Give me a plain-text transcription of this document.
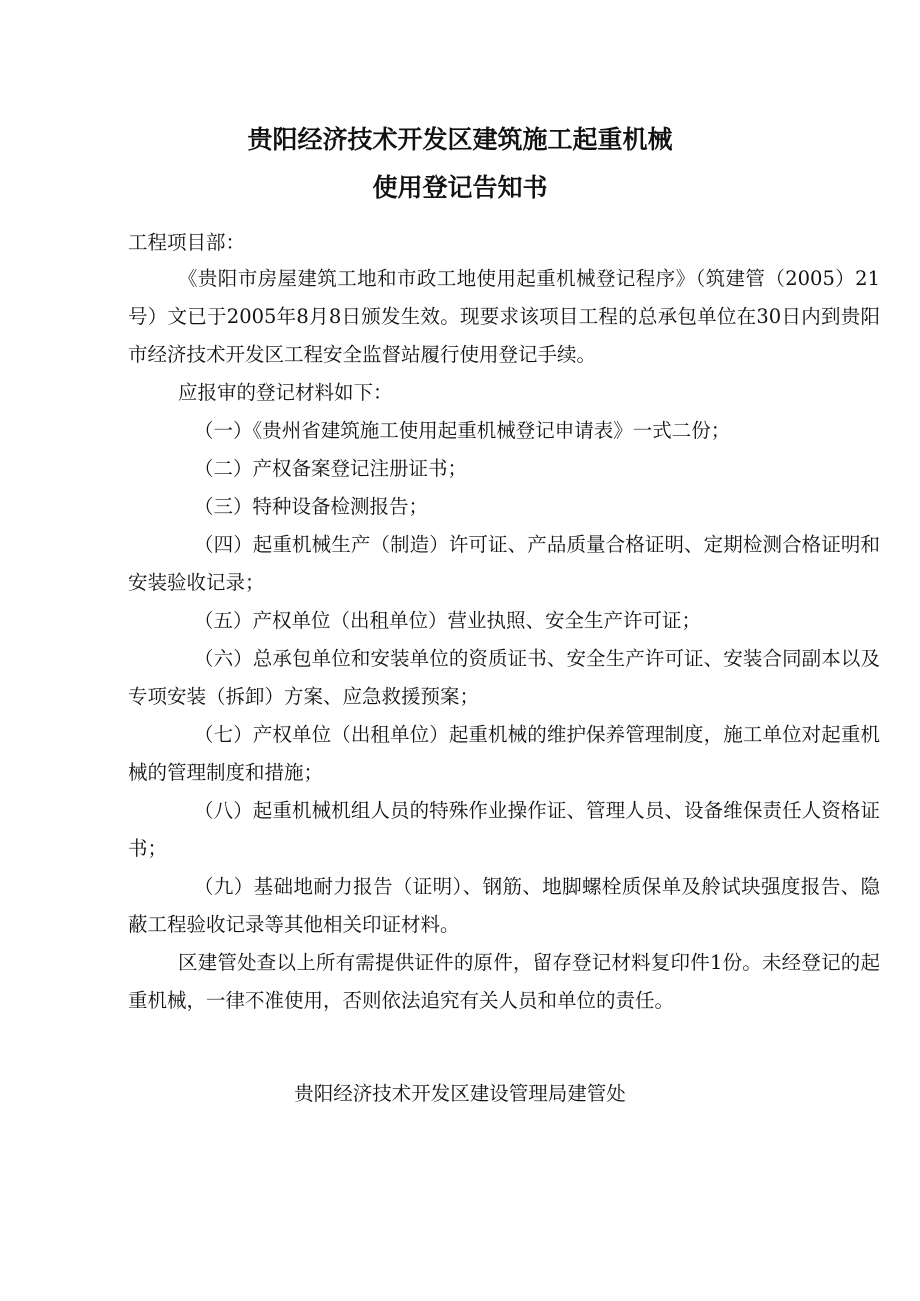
贵阳经济技术开发区建筑施工起重机械
使用登记告知书

工程项目部：

《贵阳市房屋建筑工地和市政工地使用起重机械登记程序》（筑建管（2005）21号）文已于2005年8月8日颁发生效。现要求该项目工程的总承包单位在30日内到贵阳市经济技术开发区工程安全监督站履行使用登记手续。

应报审的登记材料如下：

（一）《贵州省建筑施工使用起重机械登记申请表》一式二份；

（二）产权备案登记注册证书；

（三）特种设备检测报告；

（四）起重机械生产（制造）许可证、产品质量合格证明、定期检测合格证明和安装验收记录；

（五）产权单位（出租单位）营业执照、安全生产许可证；

（六）总承包单位和安装单位的资质证书、安全生产许可证、安装合同副本以及专项安装（拆卸）方案、应急救援预案；

（七）产权单位（出租单位）起重机械的维护保养管理制度，施工单位对起重机械的管理制度和措施；

（八）起重机械机组人员的特殊作业操作证、管理人员、设备维保责任人资格证书；

（九）基础地耐力报告（证明）、钢筋、地脚螺栓质保单及舲试块强度报告、隐蔽工程验收记录等其他相关印证材料。

区建管处查以上所有需提供证件的原件，留存登记材料复印件1份。未经登记的起重机械，一律不准使用，否则依法追究有关人员和单位的责任。

贵阳经济技术开发区建设管理局建管处
